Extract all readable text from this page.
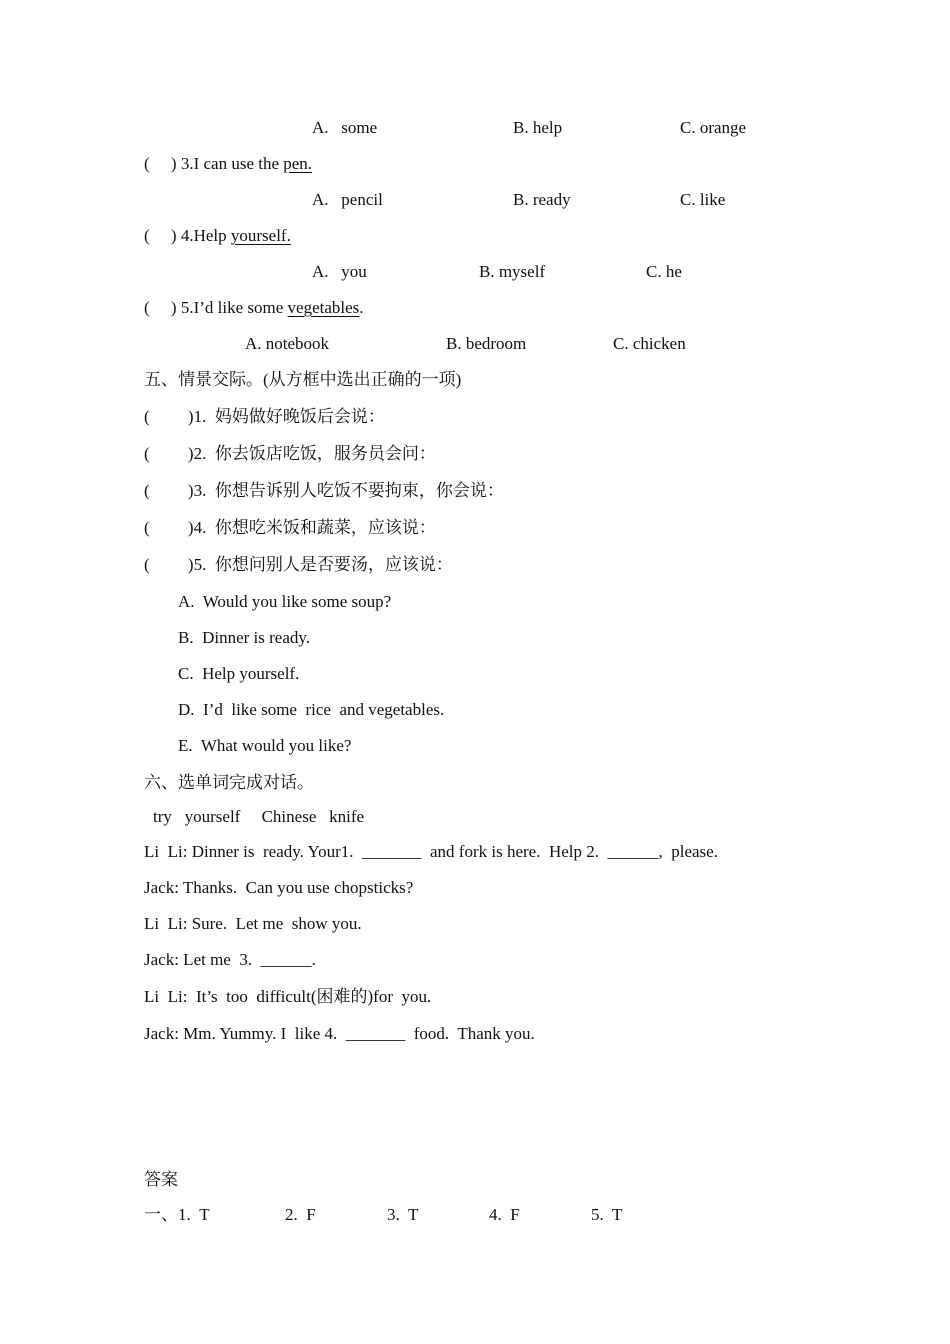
A.   some	B. help	C. orange
(     ) 3.I can use the pen.
A.   pencil	B. ready	C. like
(     ) 4.Help yourself.
A.   you	B. myself	C. he
(     ) 5.I’d like some vegetables.
A. notebook	B. bedroom	C. chicken
五、情景交际。(从方框中选出正确的一项)
(         )1.  妈妈做好晚饭后会说：
(         )2.  你去饭店吃饭，服务员会问：
(         )3.  你想告诉别人吃饭不要拘束，你会说：
(         )4.  你想吃米饭和蔬菜，应该说：
(         )5.  你想问别人是否要汤，应该说：
A.  Would you like some soup?
B.  Dinner is ready.
C.  Help yourself.
D.  I’d  like some  rice  and vegetables.
E.  What would you like?
六、选单词完成对话。
try   yourself     Chinese   knife
Li  Li: Dinner is  ready. Your1.  _______  and fork is here.  Help 2.  ______,  please.
Jack: Thanks.  Can you use chopsticks?
Li  Li: Sure.  Let me  show you.
Jack: Let me  3.  ______.
Li  Li:  It’s  too  difficult(困难的)for  you.
Jack: Mm. Yummy. I  like 4.  _______  food.  Thank you.
答案
一、1.  T	2.  F	3.  T	4.  F	5.  T
